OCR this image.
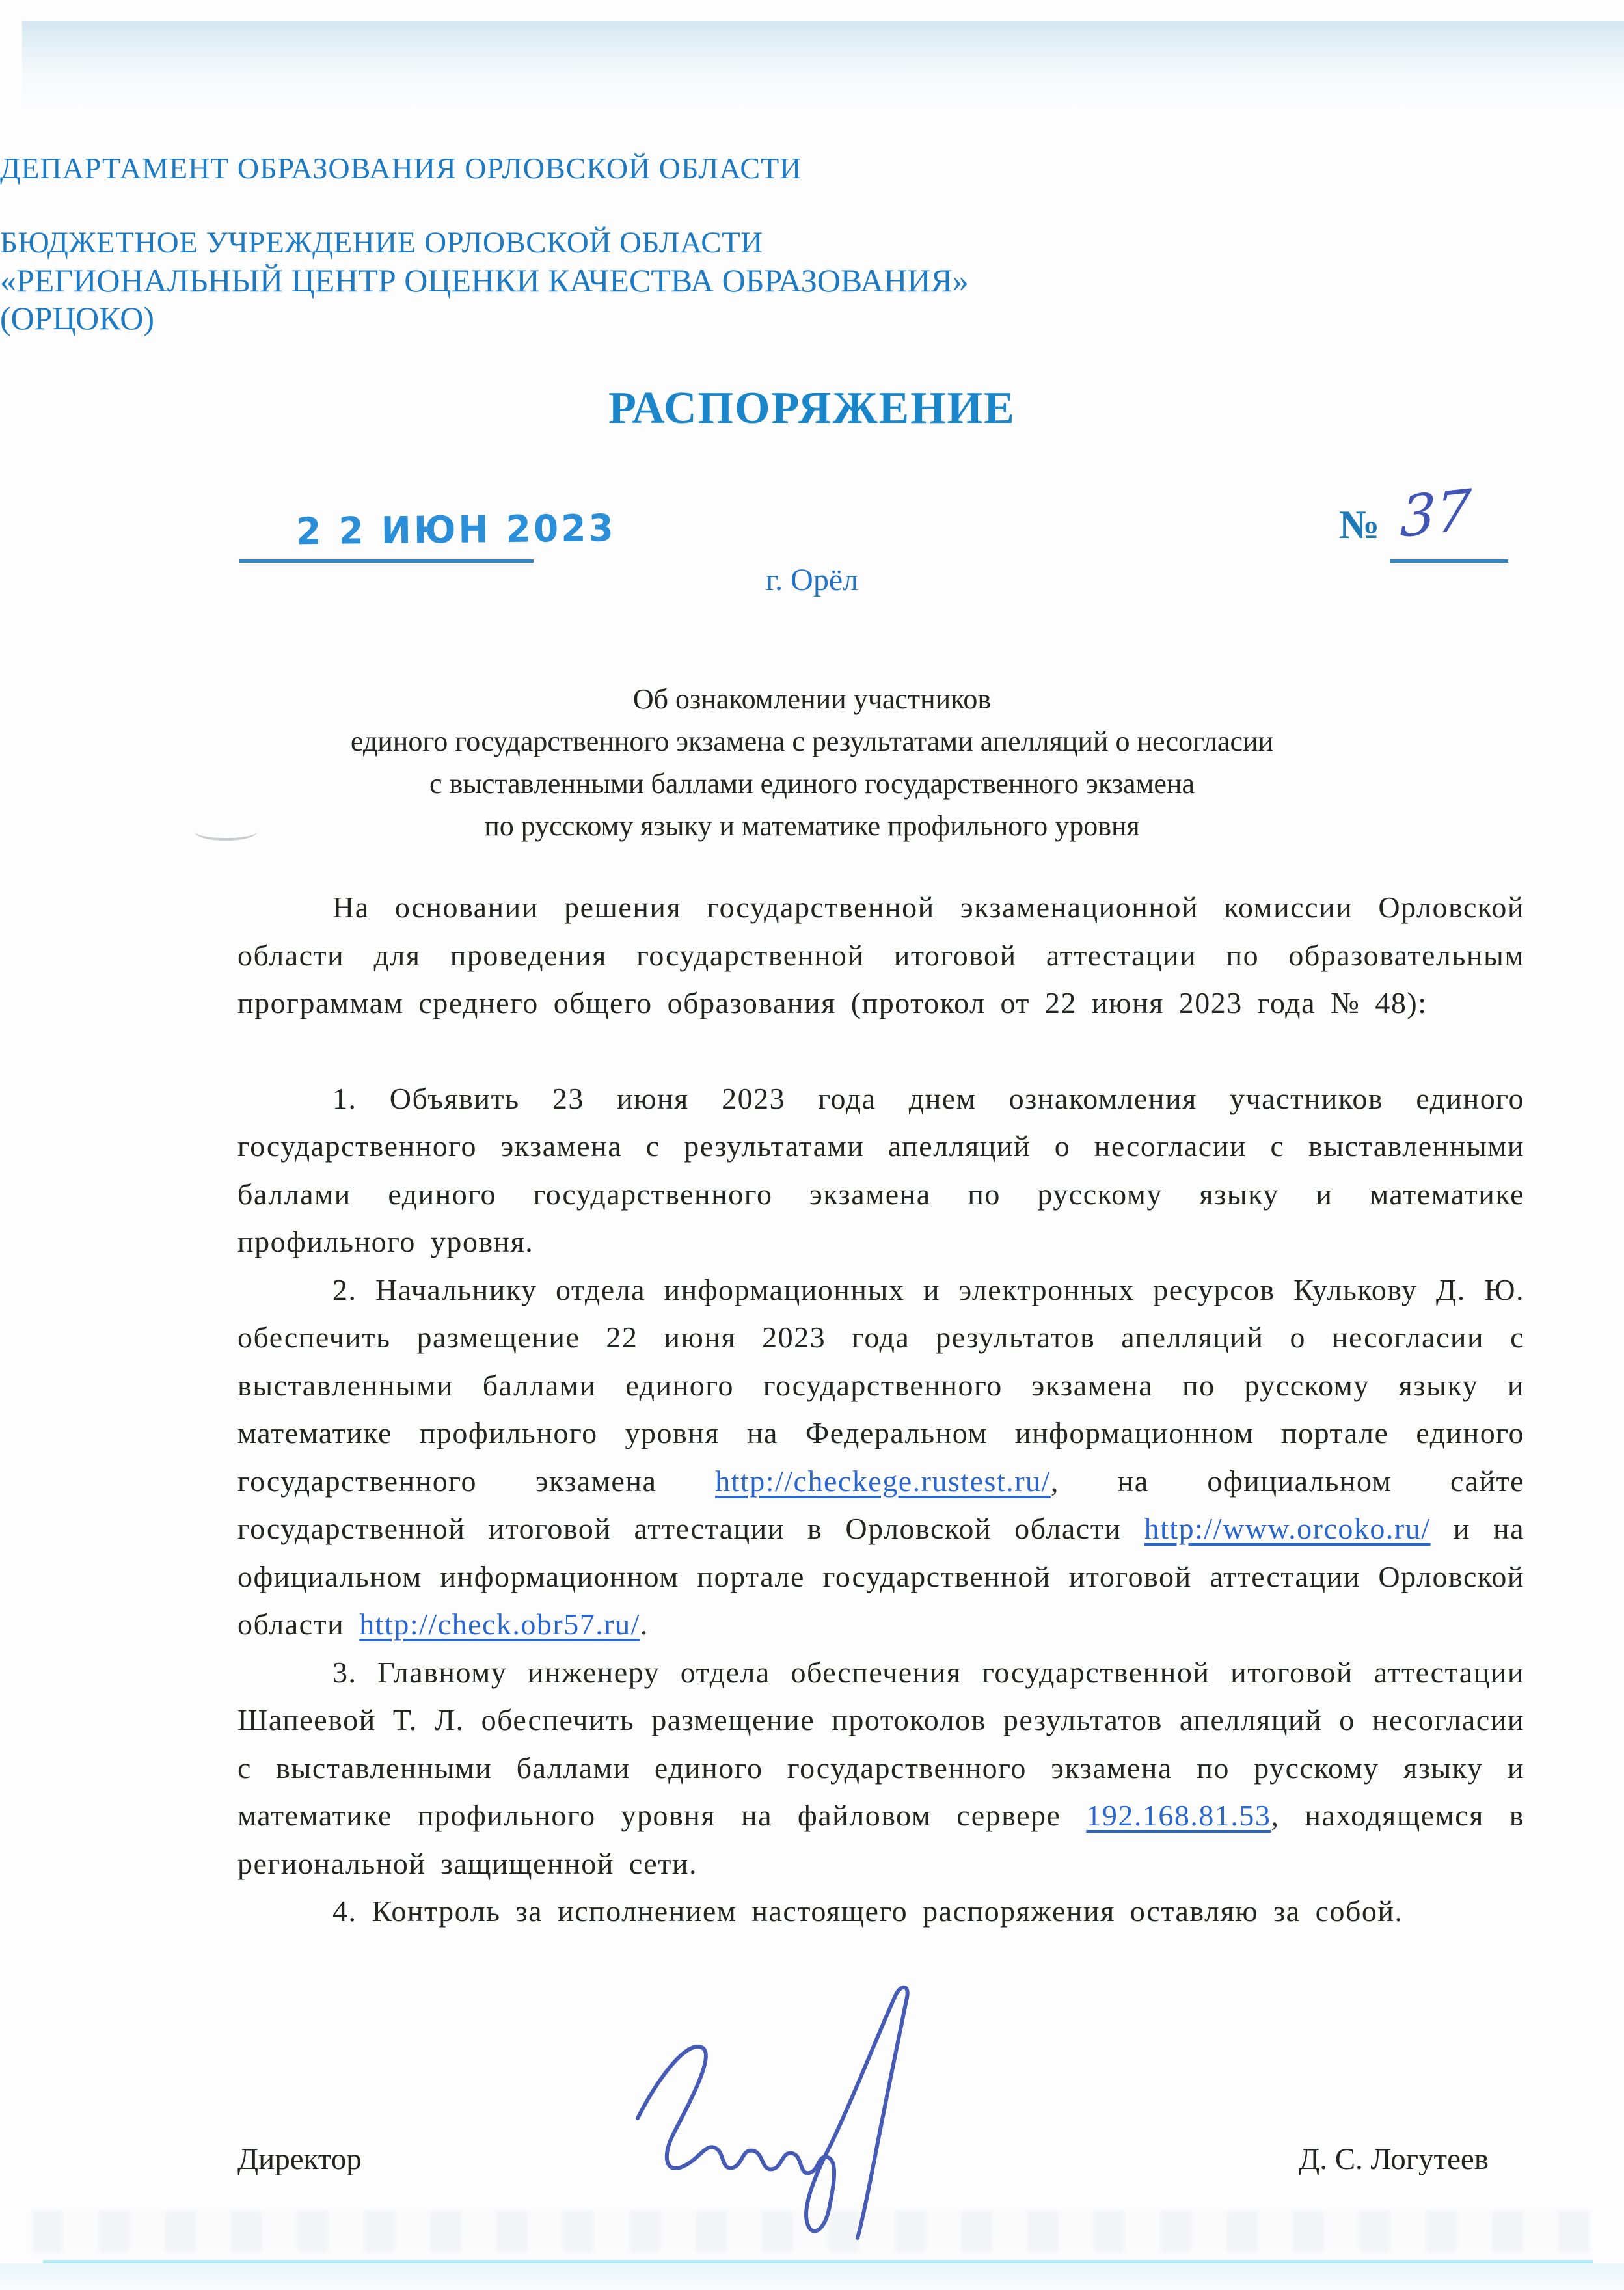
ДЕПАРТАМЕНТ ОБРАЗОВАНИЯ ОРЛОВСКОЙ ОБЛАСТИ
БЮДЖЕТНОЕ УЧРЕЖДЕНИЕ ОРЛОВСКОЙ ОБЛАСТИ
«РЕГИОНАЛЬНЫЙ ЦЕНТР ОЦЕНКИ КАЧЕСТВА ОБРАЗОВАНИЯ»
(ОРЦОКО)
РАСПОРЯЖЕНИЕ
2 2 ИЮН 2023	№ 37
г. Орёл
Об ознакомлении участников
единого государственного экзамена с результатами апелляций о несогласии
с выставленными баллами единого государственного экзамена
по русскому языку и математике профильного уровня

На основании решения государственной экзаменационной комиссии Орловской области для проведения государственной итоговой аттестации по образовательным программам среднего общего образования (протокол от 22 июня 2023 года № 48):

1. Объявить 23 июня 2023 года днем ознакомления участников единого государственного экзамена с результатами апелляций о несогласии с выставленными баллами единого государственного экзамена по русскому языку и математике профильного уровня.

2. Начальнику отдела информационных и электронных ресурсов Кулькову Д. Ю. обеспечить размещение 22 июня 2023 года результатов апелляций о несогласии с выставленными баллами единого государственного экзамена по русскому языку и математике профильного уровня на Федеральном информационном портале единого государственного экзамена http://checkege.rustest.ru/, на официальном сайте государственной итоговой аттестации в Орловской области http://www.orcoko.ru/ и на официальном информационном портале государственной итоговой аттестации Орловской области http://check.obr57.ru/.

3. Главному инженеру отдела обеспечения государственной итоговой аттестации Шапеевой Т. Л. обеспечить размещение протоколов результатов апелляций о несогласии с выставленными баллами единого государственного экзамена по русскому языку и математике профильного уровня на файловом сервере 192.168.81.53, находящемся в региональной защищенной сети.

4. Контроль за исполнением настоящего распоряжения оставляю за собой.

Директор	Д. С. Логутеев
